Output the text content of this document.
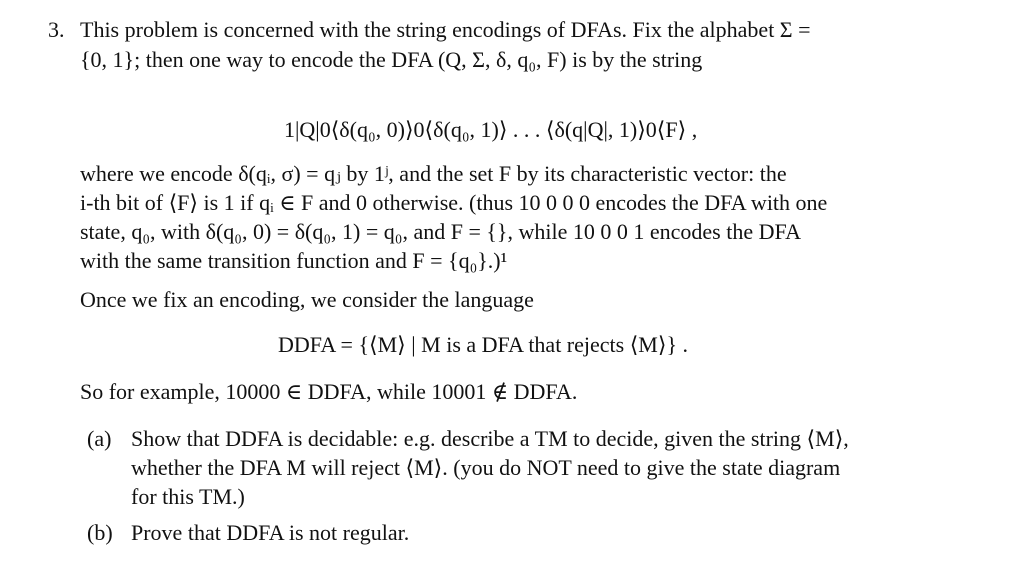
3. This problem is concerned with the string encodings of DFAs. Fix the alphabet Σ =
{0, 1}; then one way to encode the DFA (Q, Σ, δ, q₀, F) is by the string
1|Q|0⟨δ(q₀, 0)⟩0⟨δ(q₀, 1)⟩ . . . ⟨δ(q|Q|, 1)⟩0⟨F⟩ ,
where we encode δ(qᵢ, σ) = qⱼ by 1ʲ, and the set F by its characteristic vector: the
i-th bit of ⟨F⟩ is 1 if qᵢ ∈ F and 0 otherwise. (thus 10 0 0 0 encodes the DFA with one
state, q₀, with δ(q₀, 0) = δ(q₀, 1) = q₀, and F = {}, while 10 0 0 1 encodes the DFA
with the same transition function and F = {q₀}.)¹
Once we fix an encoding, we consider the language
DDFA = {⟨M⟩ | M is a DFA that rejects ⟨M⟩} .
So for example, 10000 ∈ DDFA, while 10001 ∉ DDFA.
(a) Show that DDFA is decidable: e.g. describe a TM to decide, given the string ⟨M⟩,
whether the DFA M will reject ⟨M⟩. (you do NOT need to give the state diagram
for this TM.)
(b) Prove that DDFA is not regular.
